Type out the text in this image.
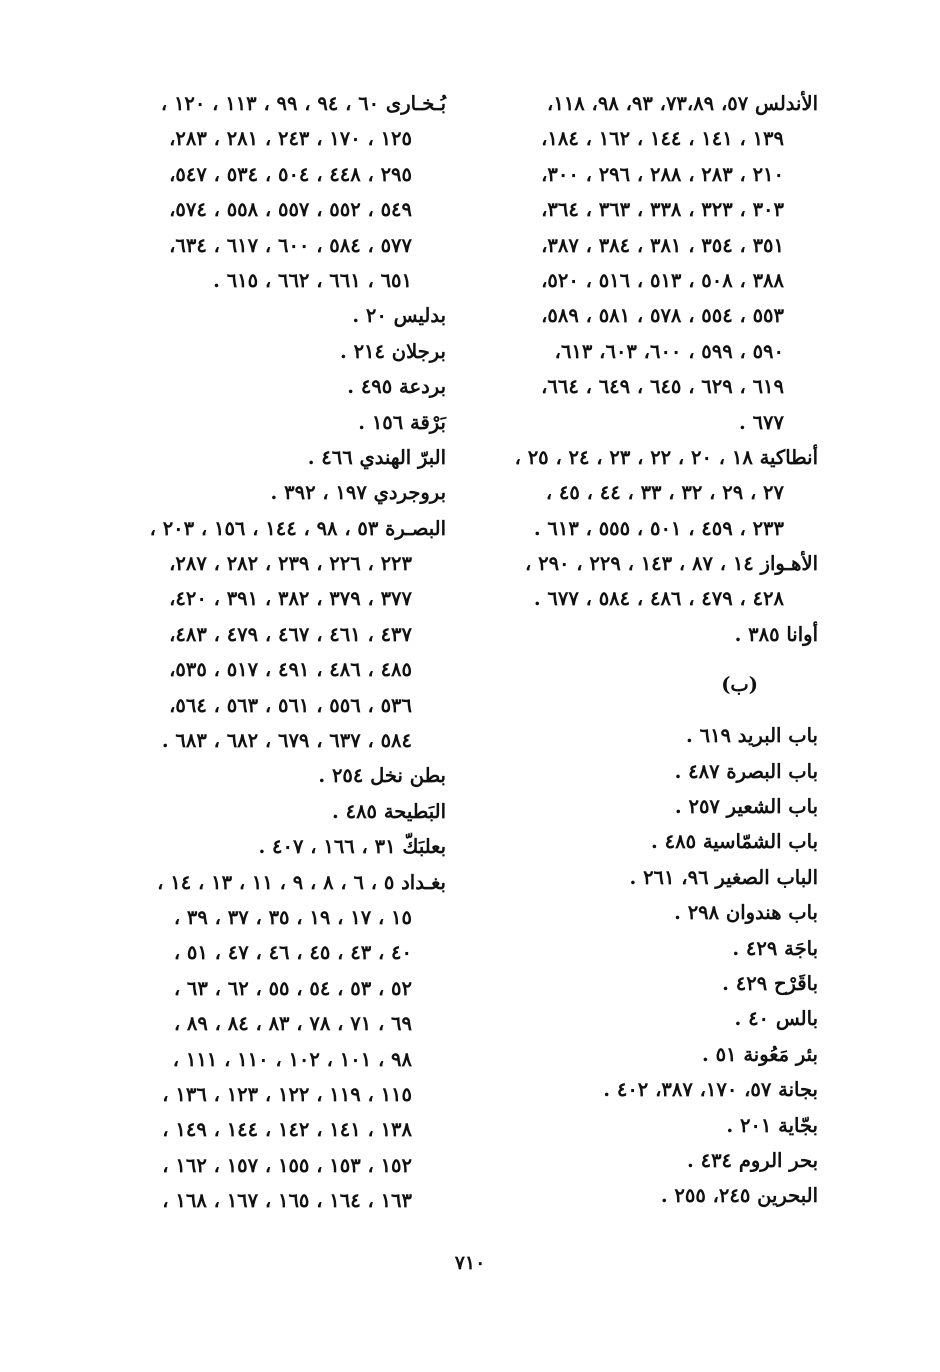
الأندلس ٥٧، ٧٣،٨٩، ٩٣، ٩٨، ١١٨،
١٣٩ ، ١٤١ ، ١٤٤ ، ١٦٢ ، ١٨٤،
٢١٠ ، ٢٨٣ ، ٢٨٨ ، ٢٩٦ ، ٣٠٠،
٣٠٣ ، ٣٢٣ ، ٣٣٨ ، ٣٦٣ ، ٣٦٤،
٣٥١ ، ٣٥٤ ، ٣٨١ ، ٣٨٤ ، ٣٨٧،
٣٨٨ ، ٥٠٨ ، ٥١٣ ، ٥١٦ ، ٥٢٠،
٥٥٣ ، ٥٥٤ ، ٥٧٨ ، ٥٨١ ، ٥٨٩،
٥٩٠ ، ٥٩٩ ، ٦٠٠، ٦٠٣، ٦١٣،
٦١٩ ، ٦٢٩ ، ٦٤٥ ، ٦٤٩ ، ٦٦٤،
٦٧٧ .
أنطاكية ١٨ ، ٢٠ ، ٢٢ ، ٢٣ ، ٢٤ ، ٢٥ ،
٢٧ ، ٢٩ ، ٣٢ ، ٣٣ ، ٤٤ ، ٤٥ ،
٢٣٣ ، ٤٥٩ ، ٥٠١ ، ٥٥٥ ، ٦١٣ .
الأهـواز ١٤ ، ٨٧ ، ١٤٣ ، ٢٢٩ ، ٢٩٠ ،
٤٢٨ ، ٤٧٩ ، ٤٨٦ ، ٥٨٤ ، ٦٧٧ .
أوانا ٣٨٥ .
(ب)
باب البريد ٦١٩ .
باب البصرة ٤٨٧ .
باب الشعير ٢٥٧ .
باب الشمّاسية ٤٨٥ .
الباب الصغير ٩٦، ٢٦١ .
باب هندوان ٢٩٨ .
باجَة ٤٢٩ .
باقَرْح ٤٢٩ .
بالس ٤٠ .
بئر مَعُونة ٥١ .
بجانة ٥٧، ١٧٠، ٣٨٧، ٤٠٢ .
بجّاية ٢٠١ .
بحر الروم ٤٣٤ .
البحرين ٢٤٥، ٢٥٥ .
بُـخـارى ٦٠ ، ٩٤ ، ٩٩ ، ١١٣ ، ١٢٠ ،
١٢٥ ، ١٧٠ ، ٢٤٣ ، ٢٨١ ، ٢٨٣،
٢٩٥ ، ٤٤٨ ، ٥٠٤ ، ٥٣٤ ، ٥٤٧،
٥٤٩ ، ٥٥٢ ، ٥٥٧ ، ٥٥٨ ، ٥٧٤،
٥٧٧ ، ٥٨٤ ، ٦٠٠ ، ٦١٧ ، ٦٣٤،
٦٥١ ، ٦٦١ ، ٦٦٢ ، ٦١٥ .
بدليس ٢٠ .
برجلان ٢١٤ .
بردعة ٤٩٥ .
بَرْقة ١٥٦ .
البرّ الهندي ٤٦٦ .
بروجردي ١٩٧ ، ٣٩٢ .
البصـرة ٥٣ ، ٩٨ ، ١٤٤ ، ١٥٦ ، ٢٠٣ ،
٢٢٣ ، ٢٢٦ ، ٢٣٩ ، ٢٨٢ ، ٢٨٧،
٣٧٧ ، ٣٧٩ ، ٣٨٢ ، ٣٩١ ، ٤٢٠،
٤٣٧ ، ٤٦١ ، ٤٦٧ ، ٤٧٩ ، ٤٨٣،
٤٨٥ ، ٤٨٦ ، ٤٩١ ، ٥١٧ ، ٥٣٥،
٥٣٦ ، ٥٥٦ ، ٥٦١ ، ٥٦٣ ، ٥٦٤،
٥٨٤ ، ٦٣٧ ، ٦٧٩ ، ٦٨٢ ، ٦٨٣ .
بطن نخل ٢٥٤ .
البَطيحة ٤٨٥ .
بعلبَكّ ٣١ ، ١٦٦ ، ٤٠٧ .
بغـداد ٥ ، ٦ ، ٨ ، ٩ ، ١١ ، ١٣ ، ١٤ ،
١٥ ، ١٧ ، ١٩ ، ٣٥ ، ٣٧ ، ٣٩ ،
٤٠ ، ٤٣ ، ٤٥ ، ٤٦ ، ٤٧ ، ٥١ ،
٥٢ ، ٥٣ ، ٥٤ ، ٥٥ ، ٦٢ ، ٦٣ ،
٦٩ ، ٧١ ، ٧٨ ، ٨٣ ، ٨٤ ، ٨٩ ،
٩٨ ، ١٠١ ، ١٠٢ ، ١١٠ ، ١١١ ،
١١٥ ، ١١٩ ، ١٢٢ ، ١٢٣ ، ١٣٦ ،
١٣٨ ، ١٤١ ، ١٤٢ ، ١٤٤ ، ١٤٩ ،
١٥٢ ، ١٥٣ ، ١٥٥ ، ١٥٧ ، ١٦٢ ،
١٦٣ ، ١٦٤ ، ١٦٥ ، ١٦٧ ، ١٦٨ ،
٧١٠
